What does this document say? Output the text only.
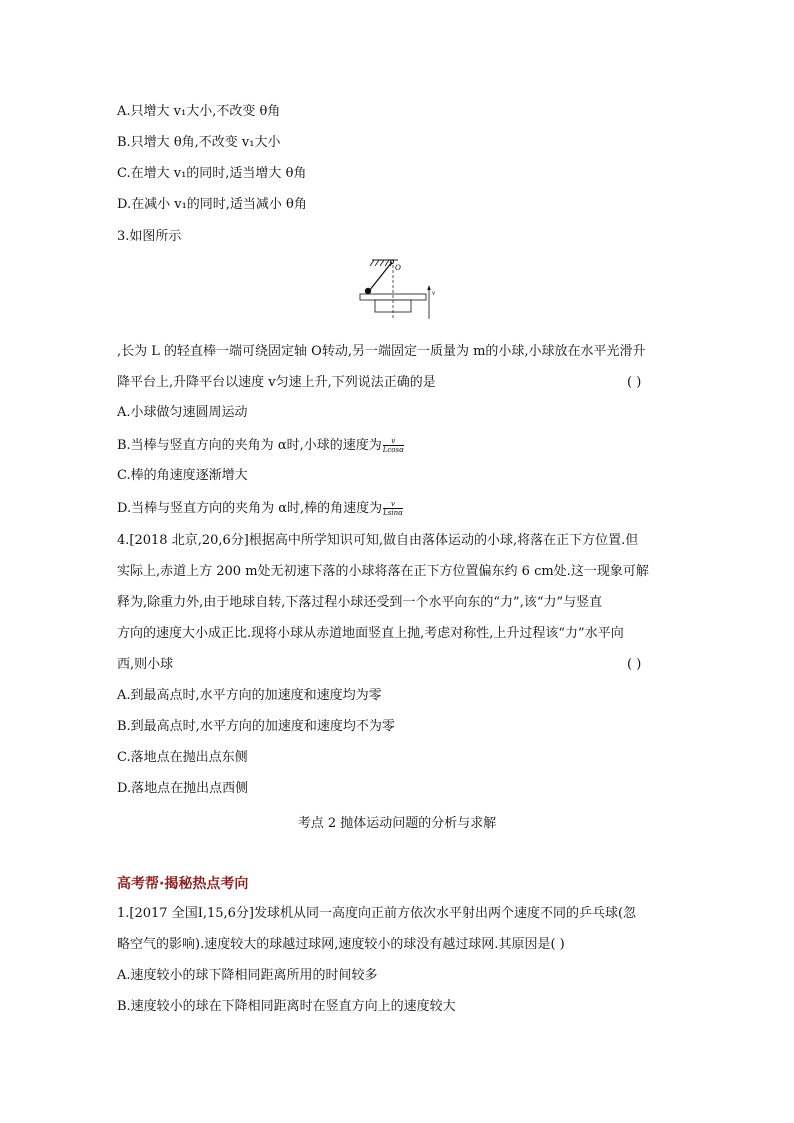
A.只增大 v₁大小,不改变 θ角
B.只增大 θ角,不改变 v₁大小
C.在增大 v₁的同时,适当增大 θ角
D.在减小 v₁的同时,适当减小 θ角
3.如图所示
O
v
,长为 L 的轻直棒一端可绕固定轴 O转动,另一端固定一质量为 m的小球,小球放在水平光滑升
降平台上,升降平台以速度 v匀速上升,下列说法正确的是	( )
A.小球做匀速圆周运动
B.当棒与竖直方向的夹角为 α时,小球的速度为 $\frac{v}{Lcos\alpha}$
C.棒的角速度逐渐增大
D.当棒与竖直方向的夹角为 α时,棒的角速度为 $\frac{v}{Lsin\alpha}$
4.[2018 北京,20,6分]根据高中所学知识可知,做自由落体运动的小球,将落在正下方位置.但
实际上,赤道上方 200 m处无初速下落的小球将落在正下方位置偏东约 6 cm处.这一现象可解
释为,除重力外,由于地球自转,下落过程小球还受到一个水平向东的“力”,该“力”与竖直
方向的速度大小成正比.现将小球从赤道地面竖直上抛,考虑对称性,上升过程该“力”水平向
西,则小球	( )
A.到最高点时,水平方向的加速度和速度均为零
B.到最高点时,水平方向的加速度和速度均不为零
C.落地点在抛出点东侧
D.落地点在抛出点西侧
考点 2 抛体运动问题的分析与求解
高考帮·揭秘热点考向
1.[2017 全国Ⅰ,15,6分]发球机从同一高度向正前方依次水平射出两个速度不同的乒乓球(忽
略空气的影响).速度较大的球越过球网,速度较小的球没有越过球网.其原因是( )
A.速度较小的球下降相同距离所用的时间较多
B.速度较小的球在下降相同距离时在竖直方向上的速度较大
